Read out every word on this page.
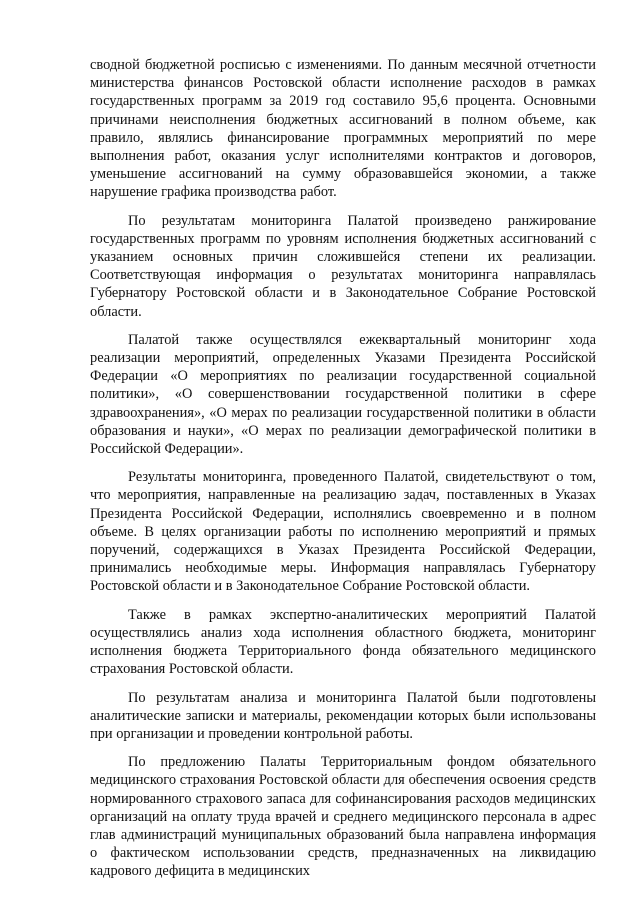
сводной бюджетной росписью с изменениями. По данным месячной отчетности министерства финансов Ростовской области исполнение расходов в рамках государственных программ за 2019 год составило 95,6 процента. Основными причинами неисполнения бюджетных ассигнований в полном объеме, как правило, являлись финансирование программных мероприятий по мере выполнения работ, оказания услуг исполнителями контрактов и договоров, уменьшение ассигнований на сумму образовавшейся экономии, а также нарушение графика производства работ.

По результатам мониторинга Палатой произведено ранжирование государственных программ по уровням исполнения бюджетных ассигнований с указанием основных причин сложившейся степени их реализации. Соответствующая информация о результатах мониторинга направлялась Губернатору Ростовской области и в Законодательное Собрание Ростовской области.

Палатой также осуществлялся ежеквартальный мониторинг хода реализации мероприятий, определенных Указами Президента Российской Федерации «О мероприятиях по реализации государственной социальной политики», «О совершенствовании государственной политики в сфере здравоохранения», «О мерах по реализации государственной политики в области образования и науки», «О мерах по реализации демографической политики в Российской Федерации».

Результаты мониторинга, проведенного Палатой, свидетельствуют о том, что мероприятия, направленные на реализацию задач, поставленных в Указах Президента Российской Федерации, исполнялись своевременно и в полном объеме. В целях организации работы по исполнению мероприятий и прямых поручений, содержащихся в Указах Президента Российской Федерации, принимались необходимые меры. Информация направлялась Губернатору Ростовской области и в Законодательное Собрание Ростовской области.

Также в рамках экспертно-аналитических мероприятий Палатой осуществлялись анализ хода исполнения областного бюджета, мониторинг исполнения бюджета Территориального фонда обязательного медицинского страхования Ростовской области.

По результатам анализа и мониторинга Палатой были подготовлены аналитические записки и материалы, рекомендации которых были использованы при организации и проведении контрольной работы.

По предложению Палаты Территориальным фондом обязательного медицинского страхования Ростовской области для обеспечения освоения средств нормированного страхового запаса для софинансирования расходов медицинских организаций на оплату труда врачей и среднего медицинского персонала в адрес глав администраций муниципальных образований была направлена информация о фактическом использовании средств, предназначенных на ликвидацию кадрового дефицита в медицинских
